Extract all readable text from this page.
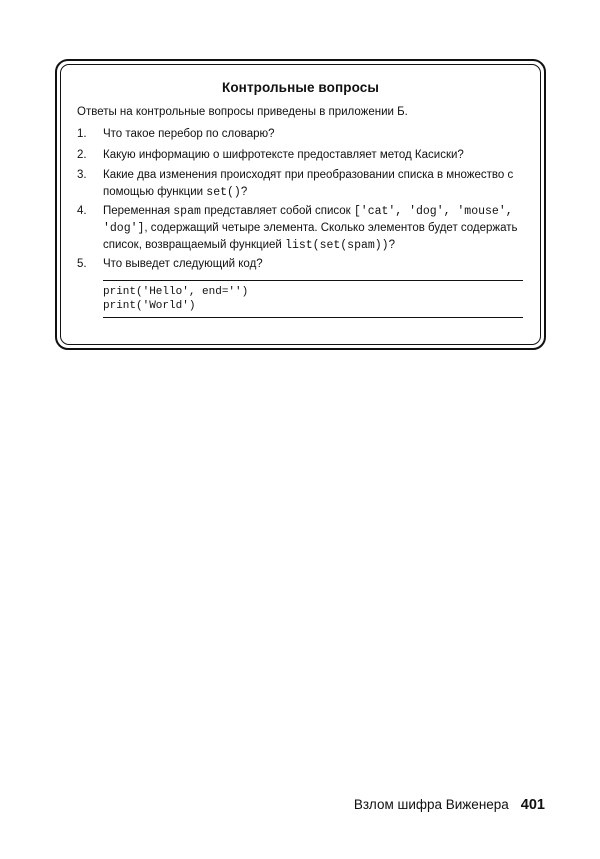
Контрольные вопросы
Ответы на контрольные вопросы приведены в приложении Б.
1.	Что такое перебор по словарю?
2.	Какую информацию о шифротексте предоставляет метод Касиски?
3.	Какие два изменения происходят при преобразовании списка в множество с помощью функции set()?
4.	Переменная spam представляет собой список ['cat', 'dog', 'mouse', 'dog'], содержащий четыре элемента. Сколько элементов будет содержать список, возвращаемый функцией list(set(spam))?
5.	Что выведет следующий код?
print('Hello', end='')
print('World')
Взлом шифра Виженера 401
